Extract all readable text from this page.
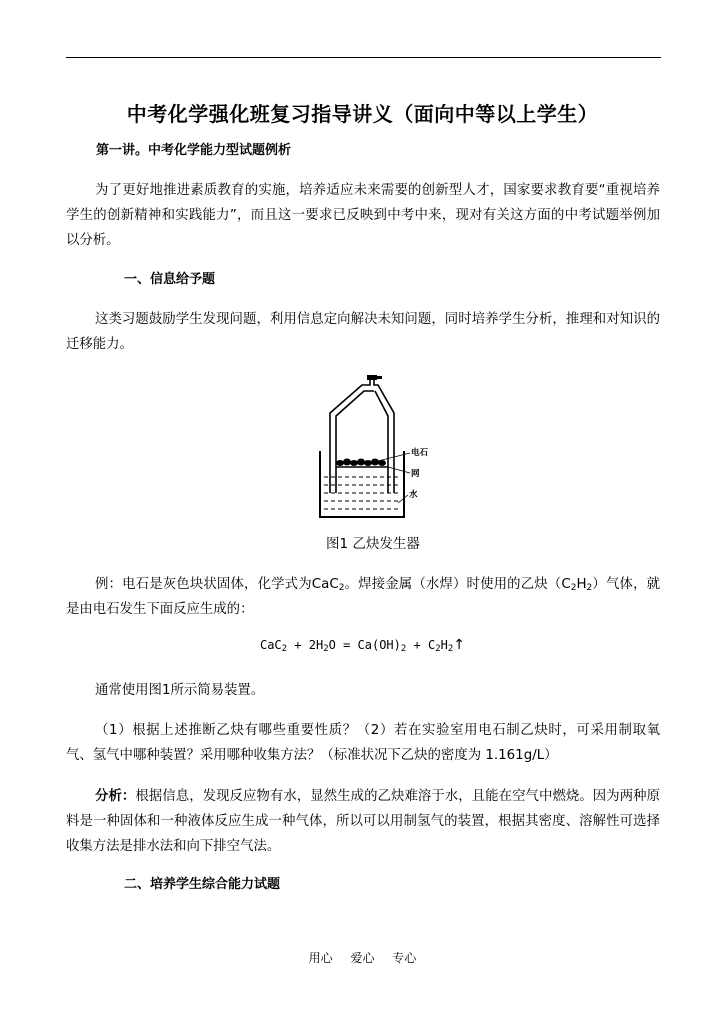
中考化学强化班复习指导讲义（面向中等以上学生）
第一讲。中考化学能力型试题例析
为了更好地推进素质教育的实施，培养适应未来需要的创新型人才，国家要求教育要“重视培养学生的创新精神和实践能力”，而且这一要求已反映到中考中来，现对有关这方面的中考试题举例加以分析。
一、信息给予题
这类习题鼓励学生发现问题，利用信息定向解决未知问题，同时培养学生分析，推理和对知识的迁移能力。
电石
网
水
图1 乙炔发生器
例：电石是灰色块状固体，化学式为CaC$_2$。焊接金属（水焊）时使用的乙炔$(C_2H_2)$气体，就是由电石发生下面反应生成的：
$CaC_2 + 2H_2O = Ca(OH)_2$ + $C_2H_2↑$
通常使用图1所示简易装置。
（1）根据上述推断乙炔有哪些重要性质？（2）若在实验室用电石制乙炔时，可采用制取氧气、氢气中哪种装置？采用哪种收集方法？（标准状况下乙炔的密度为 1.161g/L）
分析：根据信息，发现反应物有水，显然生成的乙炔难溶于水，且能在空气中燃烧。因为两种原料是一种固体和一种液体反应生成一种气体，所以可以用制氢气的装置，根据其密度、溶解性可选择收集方法是排水法和向下排空气法。
二、培养学生综合能力试题
用心 爱心 专心
